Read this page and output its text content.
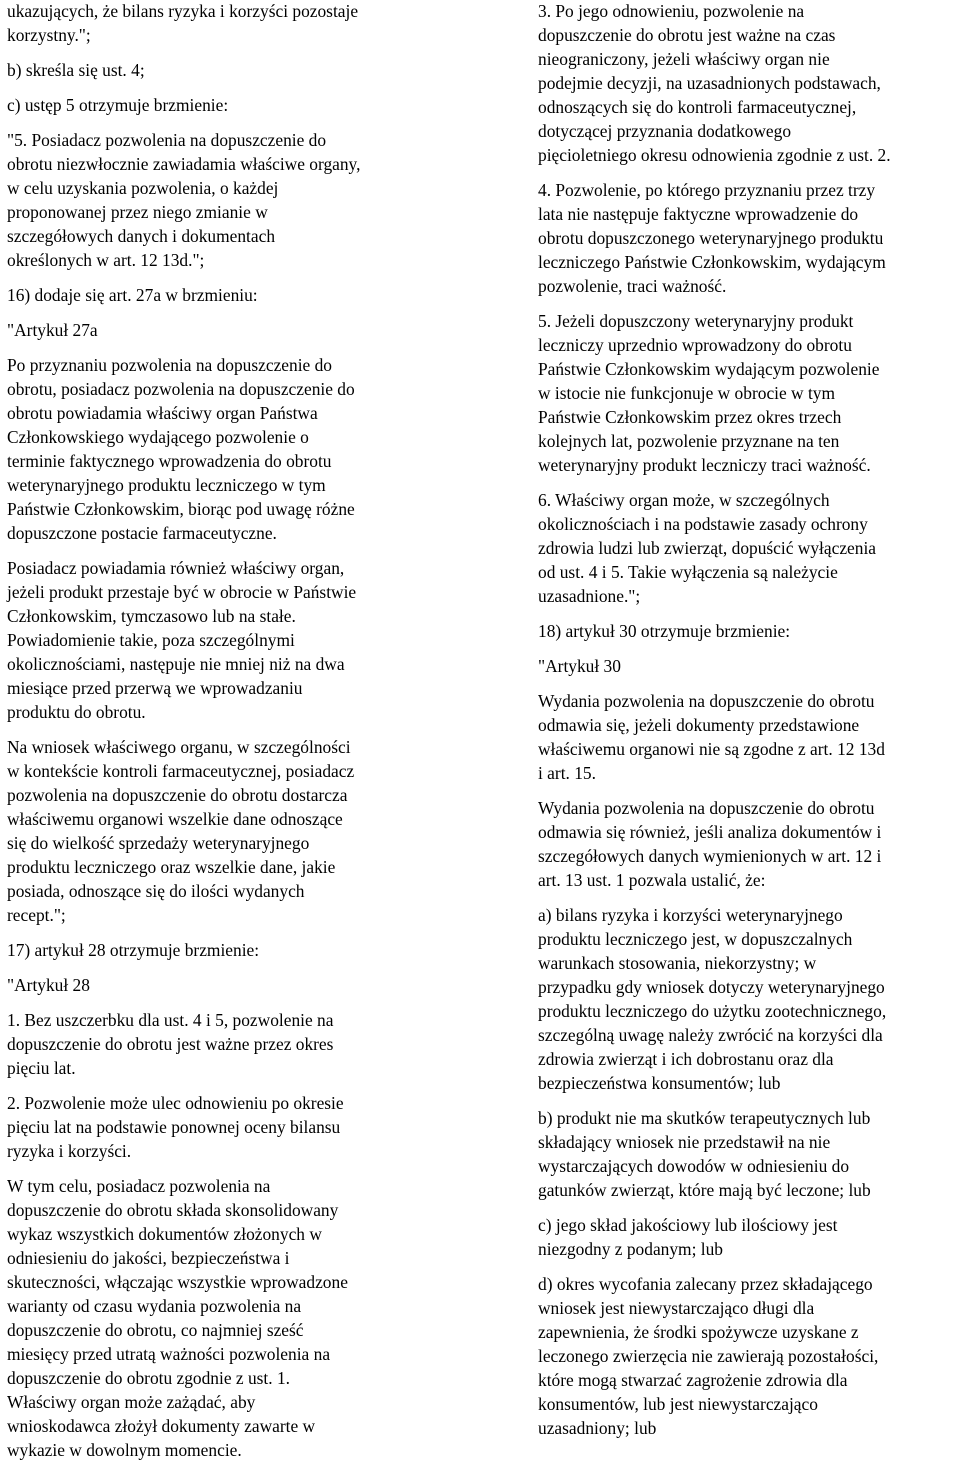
ukazujących, że bilans ryzyka i korzyści pozostaje
korzystny.";

b) skreśla się ust. 4;

c) ustęp 5 otrzymuje brzmienie:

"5. Posiadacz pozwolenia na dopuszczenie do
obrotu niezwłocznie zawiadamia właściwe organy,
w celu uzyskania pozwolenia, o każdej
proponowanej przez niego zmianie w
szczegółowych danych i dokumentach
określonych w art. 12 13d.";

16) dodaje się art. 27a w brzmieniu:

"Artykuł 27a

Po przyznaniu pozwolenia na dopuszczenie do
obrotu, posiadacz pozwolenia na dopuszczenie do
obrotu powiadamia właściwy organ Państwa
Członkowskiego wydającego pozwolenie o
terminie faktycznego wprowadzenia do obrotu
weterynaryjnego produktu leczniczego w tym
Państwie Członkowskim, biorąc pod uwagę różne
dopuszczone postacie farmaceutyczne.

Posiadacz powiadamia również właściwy organ,
jeżeli produkt przestaje być w obrocie w Państwie
Członkowskim, tymczasowo lub na stałe.
Powiadomienie takie, poza szczególnymi
okolicznościami, następuje nie mniej niż na dwa
miesiące przed przerwą we wprowadzaniu
produktu do obrotu.

Na wniosek właściwego organu, w szczególności
w kontekście kontroli farmaceutycznej, posiadacz
pozwolenia na dopuszczenie do obrotu dostarcza
właściwemu organowi wszelkie dane odnoszące
się do wielkość sprzedaży weterynaryjnego
produktu leczniczego oraz wszelkie dane, jakie
posiada, odnoszące się do ilości wydanych
recept.";

17) artykuł 28 otrzymuje brzmienie:

"Artykuł 28

1. Bez uszczerbku dla ust. 4 i 5, pozwolenie na
dopuszczenie do obrotu jest ważne przez okres
pięciu lat.

2. Pozwolenie może ulec odnowieniu po okresie
pięciu lat na podstawie ponownej oceny bilansu
ryzyka i korzyści.

W tym celu, posiadacz pozwolenia na
dopuszczenie do obrotu składa skonsolidowany
wykaz wszystkich dokumentów złożonych w
odniesieniu do jakości, bezpieczeństwa i
skuteczności, włączając wszystkie wprowadzone
warianty od czasu wydania pozwolenia na
dopuszczenie do obrotu, co najmniej sześć
miesięcy przed utratą ważności pozwolenia na
dopuszczenie do obrotu zgodnie z ust. 1.
Właściwy organ może zażądać, aby
wnioskodawca złożył dokumenty zawarte w
wykazie w dowolnym momencie.

3. Po jego odnowieniu, pozwolenie na
dopuszczenie do obrotu jest ważne na czas
nieograniczony, jeżeli właściwy organ nie
podejmie decyzji, na uzasadnionych podstawach,
odnoszących się do kontroli farmaceutycznej,
dotyczącej przyznania dodatkowego
pięcioletniego okresu odnowienia zgodnie z ust. 2.

4. Pozwolenie, po którego przyznaniu przez trzy
lata nie następuje faktyczne wprowadzenie do
obrotu dopuszczonego weterynaryjnego produktu
leczniczego Państwie Członkowskim, wydającym
pozwolenie, traci ważność.

5. Jeżeli dopuszczony weterynaryjny produkt
leczniczy uprzednio wprowadzony do obrotu
Państwie Członkowskim wydającym pozwolenie
w istocie nie funkcjonuje w obrocie w tym
Państwie Członkowskim przez okres trzech
kolejnych lat, pozwolenie przyznane na ten
weterynaryjny produkt leczniczy traci ważność.

6. Właściwy organ może, w szczególnych
okolicznościach i na podstawie zasady ochrony
zdrowia ludzi lub zwierząt, dopuścić wyłączenia
od ust. 4 i 5. Takie wyłączenia są należycie
uzasadnione.";

18) artykuł 30 otrzymuje brzmienie:

"Artykuł 30

Wydania pozwolenia na dopuszczenie do obrotu
odmawia się, jeżeli dokumenty przedstawione
właściwemu organowi nie są zgodne z art. 12 13d
i art. 15.

Wydania pozwolenia na dopuszczenie do obrotu
odmawia się również, jeśli analiza dokumentów i
szczegółowych danych wymienionych w art. 12 i
art. 13 ust. 1 pozwala ustalić, że:

a) bilans ryzyka i korzyści weterynaryjnego
produktu leczniczego jest, w dopuszczalnych
warunkach stosowania, niekorzystny; w
przypadku gdy wniosek dotyczy weterynaryjnego
produktu leczniczego do użytku zootechnicznego,
szczególną uwagę należy zwrócić na korzyści dla
zdrowia zwierząt i ich dobrostanu oraz dla
bezpieczeństwa konsumentów; lub

b) produkt nie ma skutków terapeutycznych lub
składający wniosek nie przedstawił na nie
wystarczających dowodów w odniesieniu do
gatunków zwierząt, które mają być leczone; lub

c) jego skład jakościowy lub ilościowy jest
niezgodny z podanym; lub

d) okres wycofania zalecany przez składającego
wniosek jest niewystarczająco długi dla
zapewnienia, że środki spożywcze uzyskane z
leczonego zwierzęcia nie zawierają pozostałości,
które mogą stwarzać zagrożenie zdrowia dla
konsumentów, lub jest niewystarczająco
uzasadniony; lub
